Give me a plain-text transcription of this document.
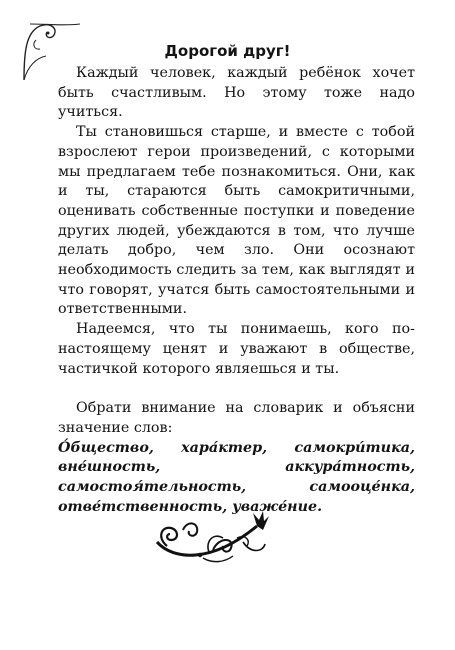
Дорогой друг!

Каждый человек, каждый ребёнок хочет быть счастливым. Но этому тоже надо учиться.

Ты становишься старше, и вместе с тобой взрослеют герои произведений, с которыми мы предлагаем тебе познакомиться. Они, как и ты, стараются быть самокритичными, оценивать собственные поступки и поведение других людей, убеждаются в том, что лучше делать добро, чем зло. Они осознают необходимость следить за тем, как выглядят и что говорят, учатся быть самостоятельными и ответственными.

Надеемся, что ты понимаешь, кого по-настоящему ценят и уважают в обществе, частичкой которого являешься и ты.

Обрати внимание на словарик и объясни значение слов:

О́бщество, хара́ктер, самокри́тика, вне́шность, аккура́тность, самостоя́тельность, самооце́нка, отве́тственность, уваже́ние.
